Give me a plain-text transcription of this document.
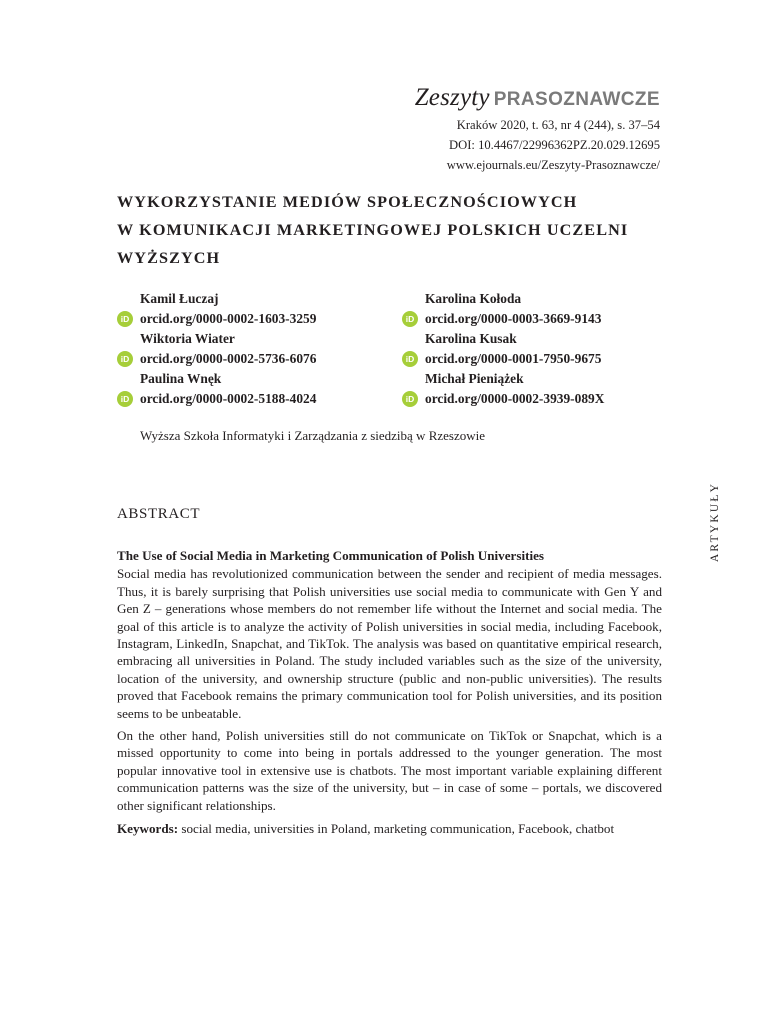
Zeszyty PRASOZNAWCZE
Kraków 2020, t. 63, nr 4 (244), s. 37–54
DOI: 10.4467/22996362PZ.20.029.12695
www.ejournals.eu/Zeszyty-Prasoznawcze/
WYKORZYSTANIE MEDIÓW SPOŁECZNOŚCIOWYCH
W KOMUNIKACJI MARKETINGOWEJ POLSKICH UCZELNI
WYŻSZYCH
Kamil Łuczaj
iD orcid.org/0000-0002-1603-3259
Wiktoria Wiater
iD orcid.org/0000-0002-5736-6076
Paulina Wnęk
iD orcid.org/0000-0002-5188-4024
Karolina Kołoda
iD orcid.org/0000-0003-3669-9143
Karolina Kusak
iD orcid.org/0000-0001-7950-9675
Michał Pieniążek
iD orcid.org/0000-0002-3939-089X
Wyższa Szkoła Informatyki i Zarządzania z siedzibą w Rzeszowie
ARTYKUŁY
ABSTRACT
The Use of Social Media in Marketing Communication of Polish Universities

Social media has revolutionized communication between the sender and recipient of media messages. Thus, it is barely surprising that Polish universities use social media to communicate with Gen Y and Gen Z – generations whose members do not remember life without the Internet and social media. The goal of this article is to analyze the activity of Polish universities in social media, including Facebook, Instagram, LinkedIn, Snapchat, and TikTok. The analysis was based on quantitative empirical research, embracing all universities in Poland. The study included variables such as the size of the university, location of the university, and ownership structure (public and non-public universities). The results proved that Facebook remains the primary communication tool for Polish universities, and its position seems to be unbeatable.

On the other hand, Polish universities still do not communicate on TikTok or Snapchat, which is a missed opportunity to come into being in portals addressed to the younger generation. The most popular innovative tool in extensive use is chatbots. The most important variable explaining different communication patterns was the size of the university, but – in case of some – portals, we discovered other significant relationships.

Keywords: social media, universities in Poland, marketing communication, Facebook, chatbot
